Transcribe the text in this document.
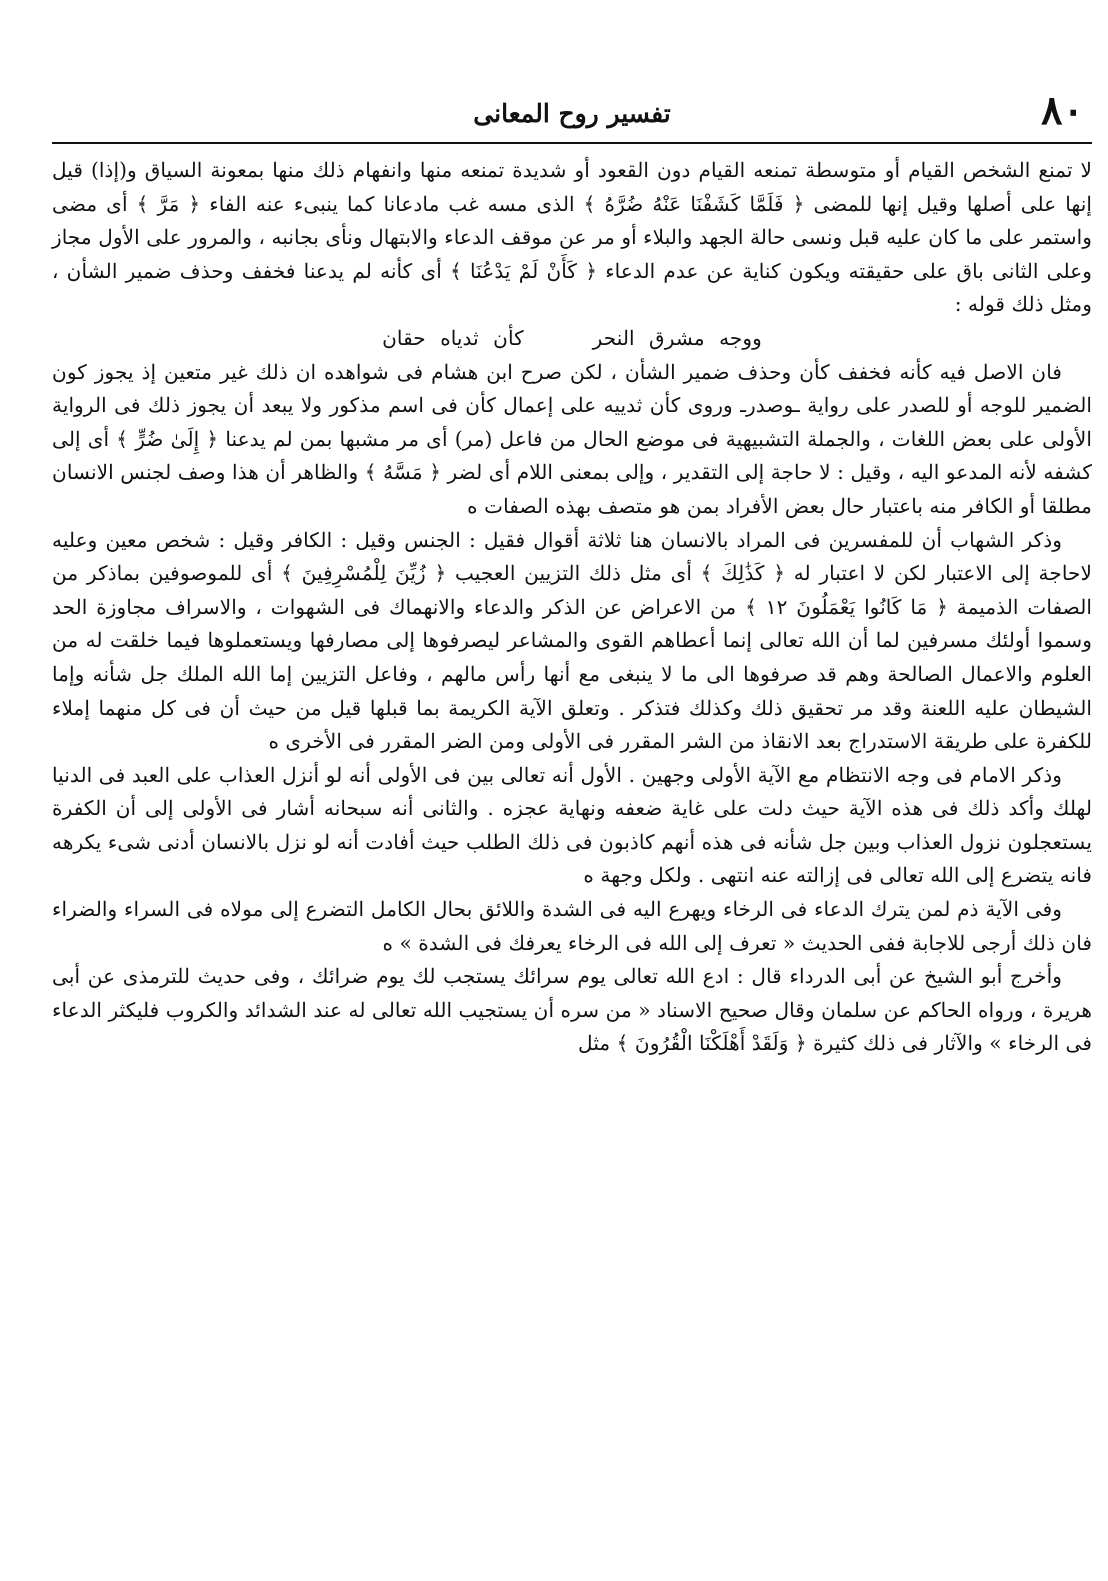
٨٠
تفسير روح المعانى

لا تمنع الشخص القيام أو متوسطة تمنعه القيام دون القعود أو شديدة تمنعه منها وانفهام ذلك منها بمعونة السياق و(إذا) قيل إنها على أصلها وقيل إنها للمضى ﴿ فَلَمَّا كَشَفْنَا عَنْهُ ضُرَّهُ ﴾ الذى مسه غب مادعانا كما ينبىء عنه الفاء ﴿ مَرَّ ﴾ أى مضى واستمر على ما كان عليه قبل ونسى حالة الجهد والبلاء أو مر عن موقف الدعاء والابتهال ونأى بجانبه ، والمرور على الأول مجاز وعلى الثانى باق على حقيقته ويكون كناية عن عدم الدعاء ﴿ كَأَنْ لَمْ يَدْعُنَا ﴾ أى كأنه لم يدعنا فخفف وحذف ضمير الشأن ، ومثل ذلك قوله :

ووجه مشرق النحر  كأن ثدياه حقان

فان الاصل فيه كأنه فخفف كأن وحذف ضمير الشأن ، لكن صرح ابن هشام فى شواهده ان ذلك غير متعين إذ يجوز كون الضمير للوجه أو للصدر على رواية ـوصدرـ وروى كأن ثدييه على إعمال كأن فى اسم مذكور ولا يبعد أن يجوز ذلك فى الرواية الأولى على بعض اللغات ، والجملة التشبيهية فى موضع الحال من فاعل (مر) أى مر مشبها بمن لم يدعنا ﴿ إِلَىٰ ضُرٍّ ﴾ أى إلى كشفه لأنه المدعو اليه ، وقيل : لا حاجة إلى التقدير ، وإلى بمعنى اللام أى لضر ﴿ مَسَّهُ ﴾ والظاهر أن هذا وصف لجنس الانسان مطلقا أو الكافر منه باعتبار حال بعض الأفراد بمن هو متصف بهذه الصفات ه

وذكر الشهاب أن للمفسرين فى المراد بالانسان هنا ثلاثة أقوال فقيل : الجنس وقيل : الكافر وقيل : شخص معين وعليه لاحاجة إلى الاعتبار لكن لا اعتبار له ﴿ كَذَٰلِكَ ﴾ أى مثل ذلك التزيين العجيب ﴿ زُيِّنَ لِلْمُسْرِفِينَ ﴾ أى للموصوفين بماذكر من الصفات الذميمة ﴿ مَا كَانُوا يَعْمَلُونَ ١٢ ﴾ من الاعراض عن الذكر والدعاء والانهماك فى الشهوات ، والاسراف مجاوزة الحد وسموا أولئك مسرفين لما أن الله تعالى إنما أعطاهم القوى والمشاعر ليصرفوها إلى مصارفها ويستعملوها فيما خلقت له من العلوم والاعمال الصالحة وهم قد صرفوها الى ما لا ينبغى مع أنها رأس مالهم ، وفاعل التزيين إما الله الملك جل شأنه وإما الشيطان عليه اللعنة وقد مر تحقيق ذلك وكذلك فتذكر . وتعلق الآية الكريمة بما قبلها قيل من حيث أن فى كل منهما إملاء للكفرة على طريقة الاستدراج بعد الانقاذ من الشر المقرر فى الأولى ومن الضر المقرر فى الأخرى ه

وذكر الامام فى وجه الانتظام مع الآية الأولى وجهين . الأول أنه تعالى بين فى الأولى أنه لو أنزل العذاب على العبد فى الدنيا لهلك وأكد ذلك فى هذه الآية حيث دلت على غاية ضعفه ونهاية عجزه . والثانى أنه سبحانه أشار فى الأولى إلى أن الكفرة يستعجلون نزول العذاب وبين جل شأنه فى هذه أنهم كاذبون فى ذلك الطلب حيث أفادت أنه لو نزل بالانسان أدنى شىء يكرهه فانه يتضرع إلى الله تعالى فى إزالته عنه انتهى . ولكل وجهة ه

وفى الآية ذم لمن يترك الدعاء فى الرخاء ويهرع اليه فى الشدة واللائق بحال الكامل التضرع إلى مولاه فى السراء والضراء فان ذلك أرجى للاجابة ففى الحديث « تعرف إلى الله فى الرخاء يعرفك فى الشدة » ه

وأخرج أبو الشيخ عن أبى الدرداء قال : ادع الله تعالى يوم سرائك يستجب لك يوم ضرائك ، وفى حديث للترمذى عن أبى هريرة ، ورواه الحاكم عن سلمان وقال صحيح الاسناد « من سره أن يستجيب الله تعالى له عند الشدائد والكروب فليكثر الدعاء فى الرخاء » والآثار فى ذلك كثيرة ﴿ وَلَقَدْ أَهْلَكْنَا الْقُرُونَ ﴾ مثل
